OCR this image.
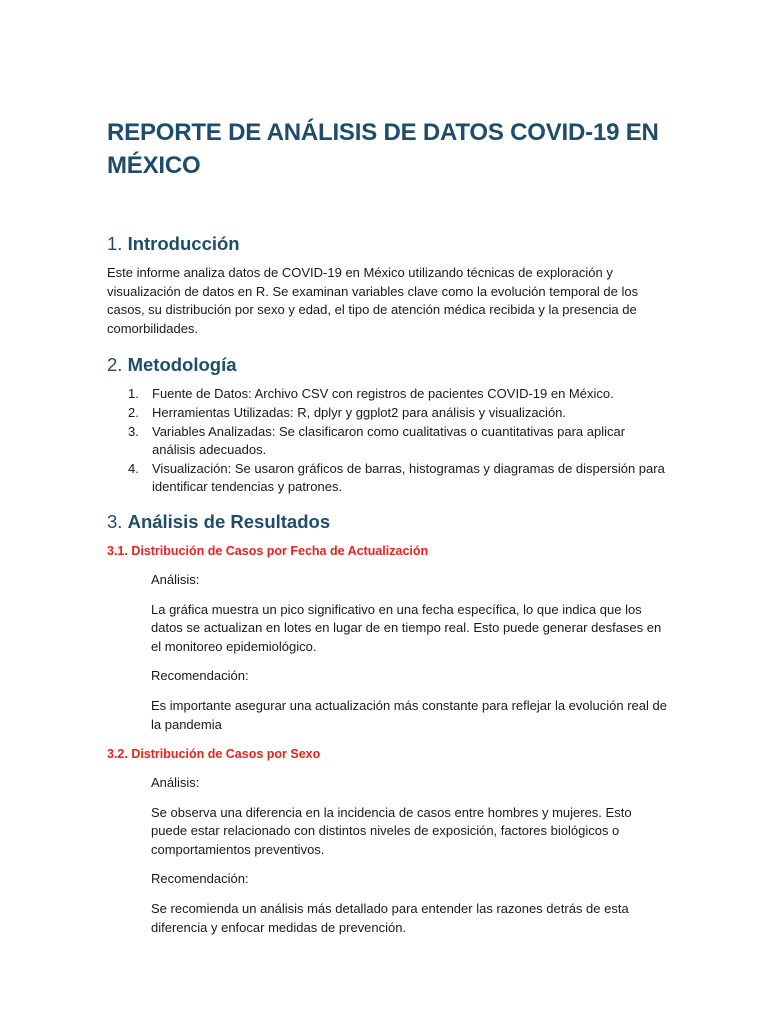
REPORTE DE ANÁLISIS DE DATOS COVID-19 EN MÉXICO
1. Introducción

Este informe analiza datos de COVID-19 en México utilizando técnicas de exploración y visualización de datos en R. Se examinan variables clave como la evolución temporal de los casos, su distribución por sexo y edad, el tipo de atención médica recibida y la presencia de comorbilidades.

2. Metodología
1. Fuente de Datos: Archivo CSV con registros de pacientes COVID-19 en México.
2. Herramientas Utilizadas: R, dplyr y ggplot2 para análisis y visualización.
3. Variables Analizadas: Se clasificaron como cualitativas o cuantitativas para aplicar análisis adecuados.
4. Visualización: Se usaron gráficos de barras, histogramas y diagramas de dispersión para identificar tendencias y patrones.
3. Análisis de Resultados
3.1. Distribución de Casos por Fecha de Actualización

Análisis:

La gráfica muestra un pico significativo en una fecha específica, lo que indica que los datos se actualizan en lotes en lugar de en tiempo real. Esto puede generar desfases en el monitoreo epidemiológico.

Recomendación:

Es importante asegurar una actualización más constante para reflejar la evolución real de la pandemia

3.2. Distribución de Casos por Sexo

Análisis:

Se observa una diferencia en la incidencia de casos entre hombres y mujeres. Esto puede estar relacionado con distintos niveles de exposición, factores biológicos o comportamientos preventivos.

Recomendación:

Se recomienda un análisis más detallado para entender las razones detrás de esta diferencia y enfocar medidas de prevención.
